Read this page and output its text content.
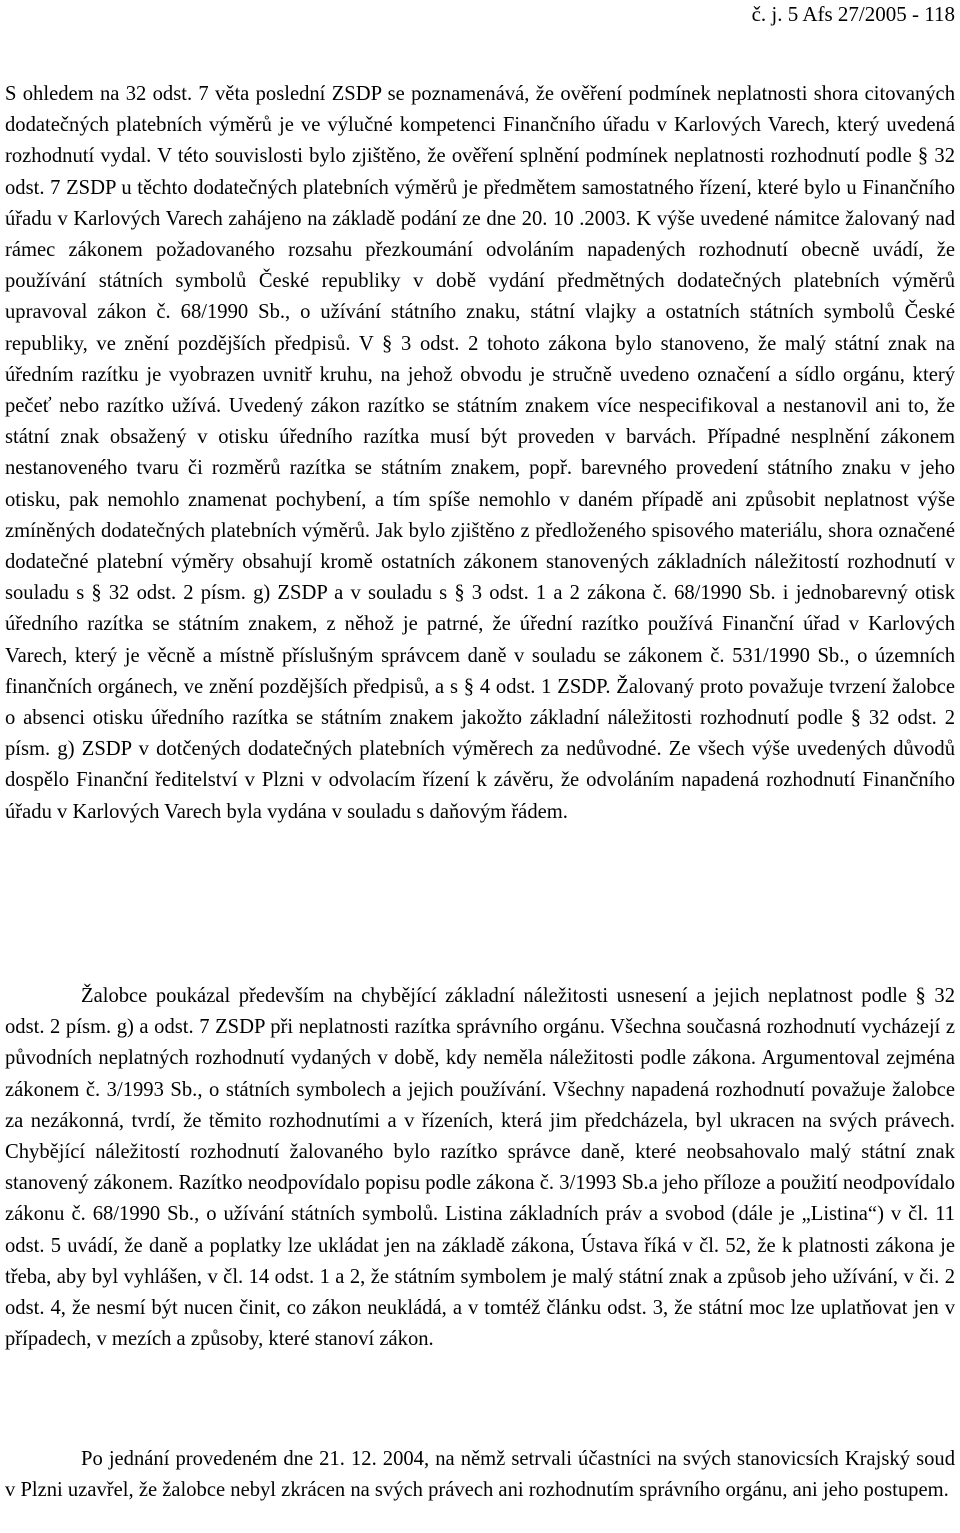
č. j. 5 Afs 27/2005 - 118

S ohledem na 32 odst. 7 věta poslední ZSDP se poznamenává, že ověření podmínek neplatnosti shora citovaných dodatečných platebních výměrů je ve výlučné kompetenci Finančního úřadu v Karlových Varech, který uvedená rozhodnutí vydal. V této souvislosti bylo zjištěno, že ověření splnění podmínek neplatnosti rozhodnutí podle § 32 odst. 7 ZSDP u těchto dodatečných platebních výměrů je předmětem samostatného řízení, které bylo u Finančního úřadu v Karlových Varech zahájeno na základě podání ze dne 20. 10 .2003. K výše uvedené námitce žalovaný nad rámec zákonem požadovaného rozsahu přezkoumání odvoláním napadených rozhodnutí obecně uvádí, že používání státních symbolů České republiky v době vydání předmětných dodatečných platebních výměrů upravoval zákon č. 68/1990 Sb., o užívání státního znaku, státní vlajky a ostatních státních symbolů České republiky, ve znění pozdějších předpisů. V § 3 odst. 2 tohoto zákona bylo stanoveno, že malý státní znak na úředním razítku je vyobrazen uvnitř kruhu, na jehož obvodu je stručně uvedeno označení a sídlo orgánu, který pečeť nebo razítko užívá. Uvedený zákon razítko se státním znakem více nespecifikoval a nestanovil ani to, že státní znak obsažený v otisku úředního razítka musí být proveden v barvách. Případné nesplnění zákonem nestanoveného tvaru či rozměrů razítka se státním znakem, popř. barevného provedení státního znaku v jeho otisku, pak nemohlo znamenat pochybení, a tím spíše nemohlo v daném případě ani způsobit neplatnost výše zmíněných dodatečných platebních výměrů. Jak bylo zjištěno z předloženého spisového materiálu, shora označené dodatečné platební výměry obsahují kromě ostatních zákonem stanovených základních náležitostí rozhodnutí v souladu s § 32 odst. 2 písm. g) ZSDP a v souladu s § 3 odst. 1 a 2 zákona č. 68/1990 Sb. i jednobarevný otisk úředního razítka se státním znakem, z něhož je patrné, že úřední razítko používá Finanční úřad v Karlových Varech, který je věcně a místně příslušným správcem daně v souladu se zákonem č. 531/1990 Sb., o územních finančních orgánech, ve znění pozdějších předpisů, a s § 4 odst. 1 ZSDP. Žalovaný proto považuje tvrzení žalobce o absenci otisku úředního razítka se státním znakem jakožto základní náležitosti rozhodnutí podle § 32 odst. 2 písm. g) ZSDP v dotčených dodatečných platebních výměrech za nedůvodné. Ze všech výše uvedených důvodů dospělo Finanční ředitelství v Plzni v odvolacím řízení k závěru, že odvoláním napadená rozhodnutí Finančního úřadu v Karlových Varech byla vydána v souladu s daňovým řádem.

Žalobce poukázal především na chybějící základní náležitosti usnesení a jejich neplatnost podle § 32 odst. 2 písm. g) a odst. 7 ZSDP při neplatnosti razítka správního orgánu. Všechna současná rozhodnutí vycházejí z původních neplatných rozhodnutí vydaných v době, kdy neměla náležitosti podle zákona. Argumentoval zejména zákonem č. 3/1993 Sb., o státních symbolech a jejich používání. Všechny napadená rozhodnutí považuje žalobce za nezákonná, tvrdí, že těmito rozhodnutími a v řízeních, která jim předcházela, byl ukracen na svých právech. Chybějící náležitostí rozhodnutí žalovaného bylo razítko správce daně, které neobsahovalo malý státní znak stanovený zákonem. Razítko neodpovídalo popisu podle zákona č. 3/1993 Sb.a jeho příloze a použití neodpovídalo zákonu č. 68/1990 Sb., o užívání státních symbolů. Listina základních práv a svobod (dále je „Listina“) v čl. 11 odst. 5 uvádí, že daně a poplatky lze ukládat jen na základě zákona, Ústava říká v čl. 52, že k platnosti zákona je třeba, aby byl vyhlášen, v čl. 14 odst. 1 a 2, že státním symbolem je malý státní znak a způsob jeho užívání, v či. 2 odst. 4, že nesmí být nucen činit, co zákon neukládá, a v tomtéž článku odst. 3, že státní moc lze uplatňovat jen v případech, v mezích a způsoby, které stanoví zákon.

Po jednání provedeném dne 21. 12. 2004, na němž setrvali účastníci na svých stanovicsích Krajský soud v Plzni uzavřel, že žalobce nebyl zkrácen na svých právech ani rozhodnutím správního orgánu, ani jeho postupem.
